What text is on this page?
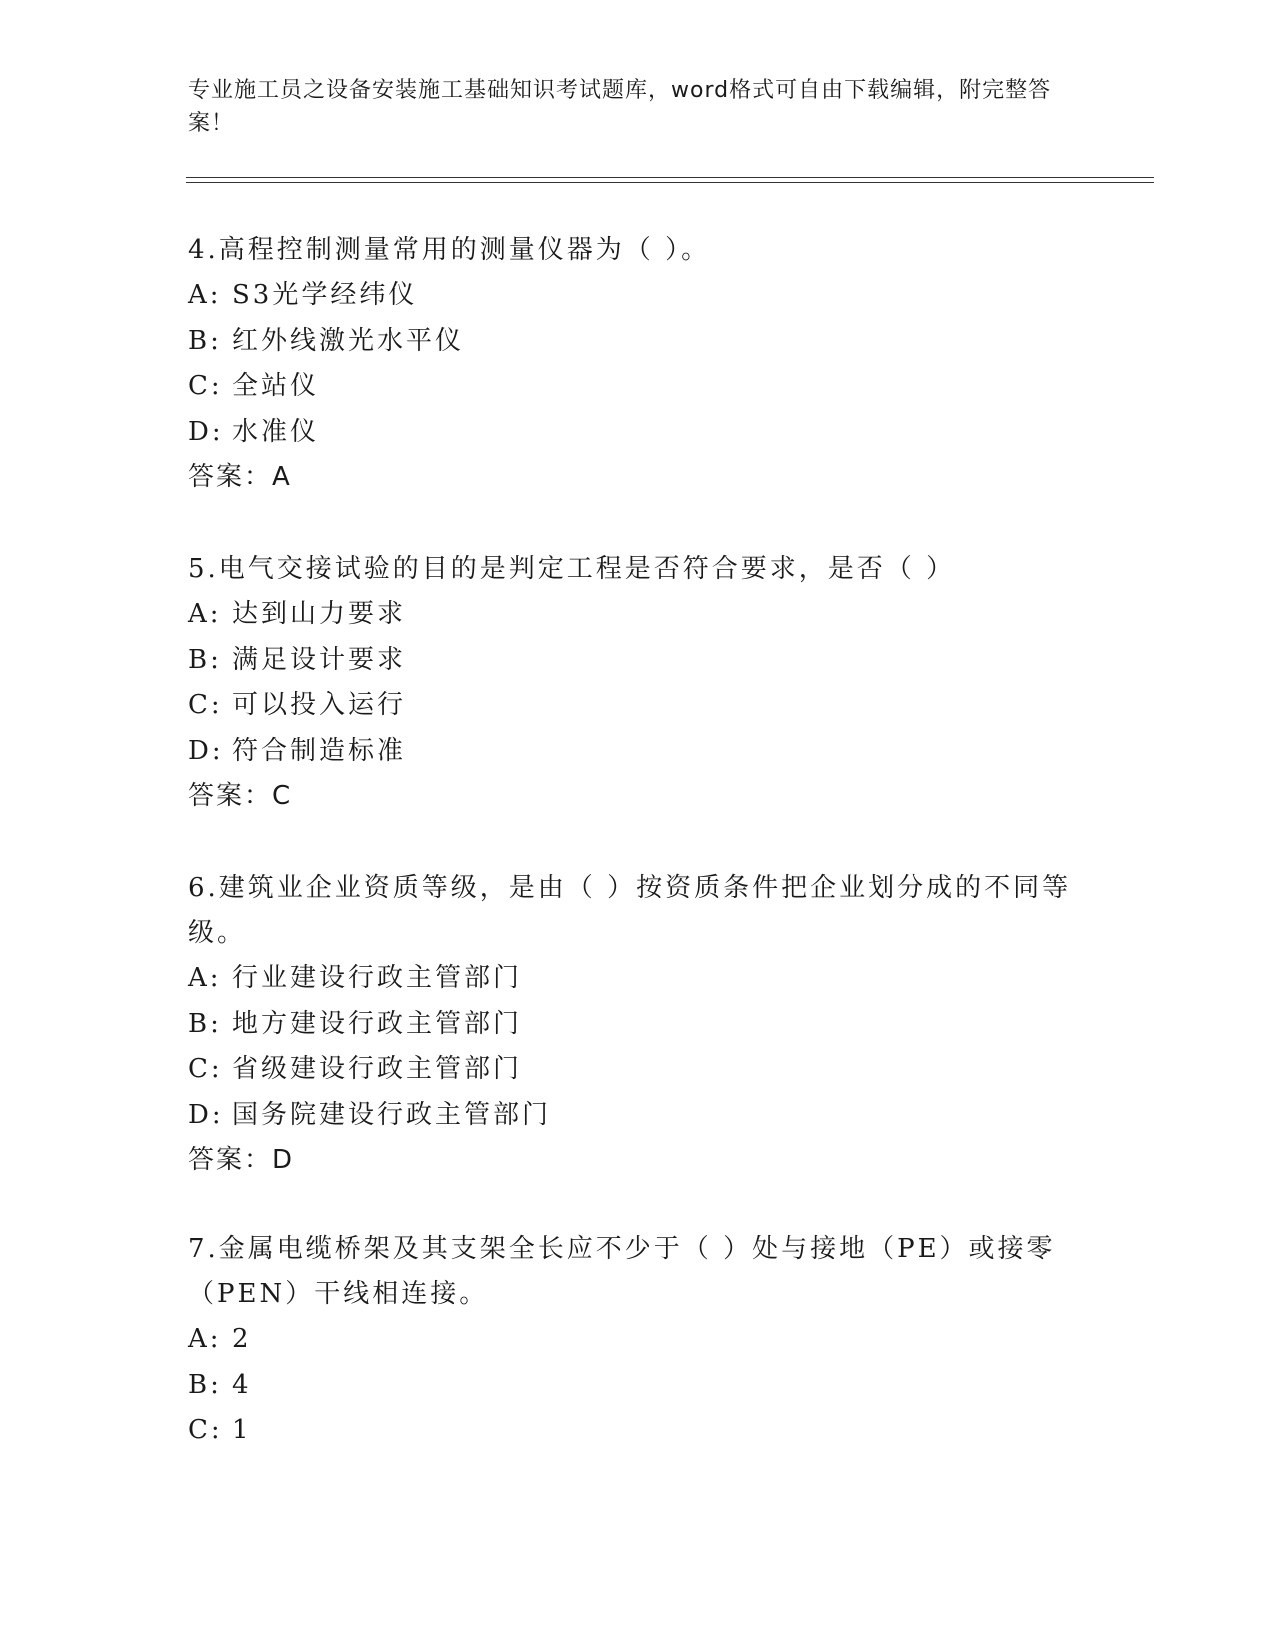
专业施工员之设备安装施工基础知识考试题库，word格式可自由下载编辑，附完整答案！
4.高程控制测量常用的测量仪器为（ ）。
A: S3光学经纬仪
B: 红外线激光水平仪
C: 全站仪
D: 水准仪
答案：A
5.电气交接试验的目的是判定工程是否符合要求，是否（ ）
A: 达到山力要求
B: 满足设计要求
C: 可以投入运行
D: 符合制造标准
答案：C
6.建筑业企业资质等级，是由（ ）按资质条件把企业划分成的不同等级。
A: 行业建设行政主管部门
B: 地方建设行政主管部门
C: 省级建设行政主管部门
D: 国务院建设行政主管部门
答案：D
7.金属电缆桥架及其支架全长应不少于（ ）处与接地（PE）或接零（PEN）干线相连接。
A: 2
B: 4
C: 1
